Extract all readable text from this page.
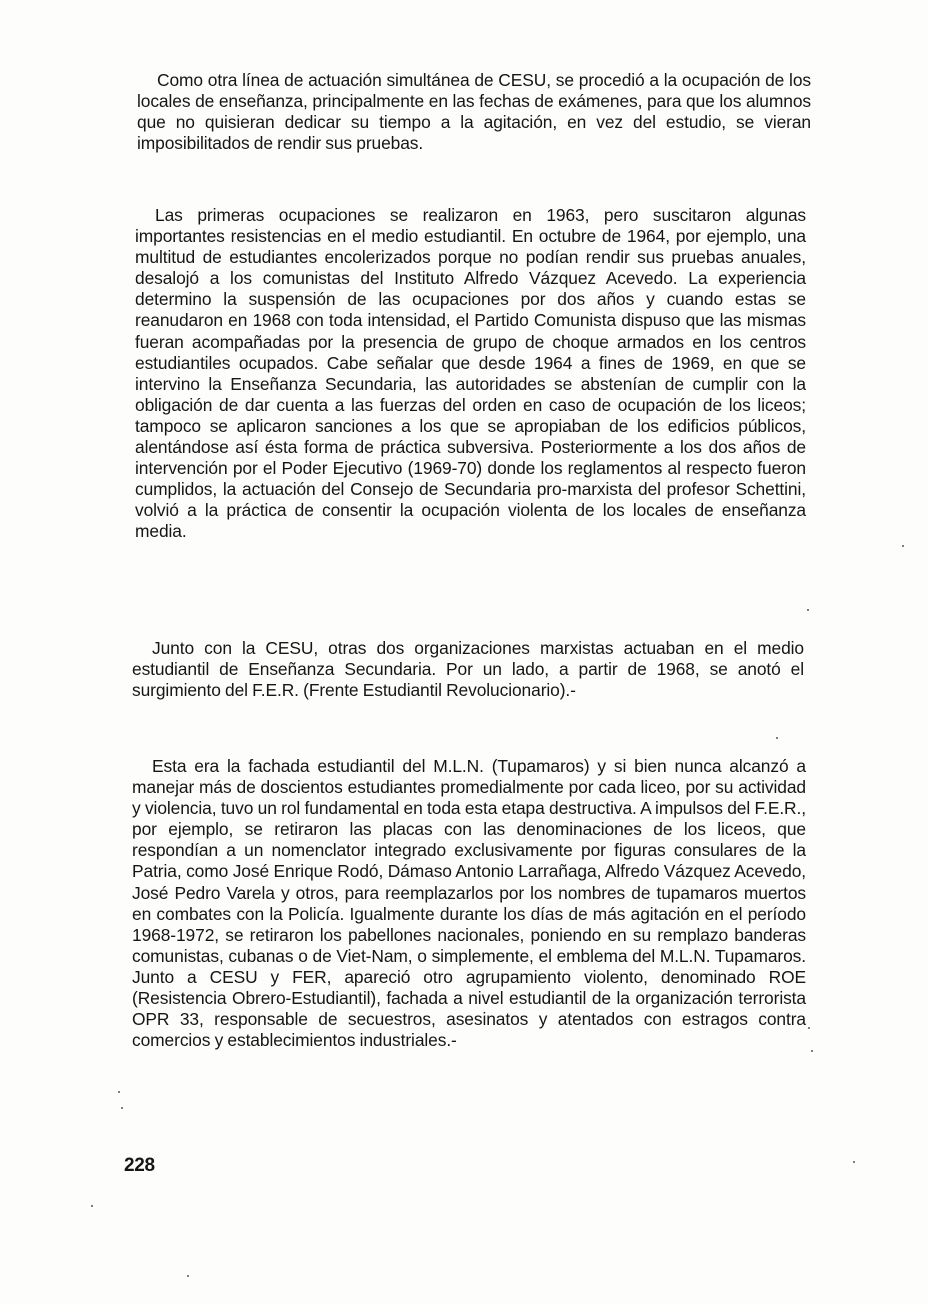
Como otra línea de actuación simultánea de CESU, se procedió a la ocupación de los locales de enseñanza, principalmente en las fechas de exámenes, para que los alumnos que no quisieran dedicar su tiempo a la agitación, en vez del estudio, se vieran imposibilitados de rendir sus pruebas.

Las primeras ocupaciones se realizaron en 1963, pero suscitaron algunas importantes resistencias en el medio estudiantil. En octubre de 1964, por ejemplo, una multitud de estudiantes encolerizados porque no podían rendir sus pruebas anuales, desalojó a los comunistas del Instituto Alfredo Vázquez Acevedo. La experiencia determino la suspensión de las ocupaciones por dos años y cuando estas se reanudaron en 1968 con toda intensidad, el Partido Comunista dispuso que las mismas fueran acompañadas por la presencia de grupo de choque armados en los centros estudiantiles ocupados. Cabe señalar que desde 1964 a fines de 1969, en que se intervino la Enseñanza Secundaria, las autoridades se abstenían de cumplir con la obligación de dar cuenta a las fuerzas del orden en caso de ocupación de los liceos; tampoco se aplicaron sanciones a los que se apropiaban de los edificios públicos, alentándose así ésta forma de práctica subversiva. Posteriormente a los dos años de intervención por el Poder Ejecutivo (1969-70) donde los reglamentos al respecto fueron cumplidos, la actuación del Consejo de Secundaria pro-marxista del profesor Schettini, volvió a la práctica de consentir la ocupación violenta de los locales de enseñanza media.

Junto con la CESU, otras dos organizaciones marxistas actuaban en el medio estudiantil de Enseñanza Secundaria. Por un lado, a partir de 1968, se anotó el surgimiento del F.E.R. (Frente Estudiantil Revolucionario).-

Esta era la fachada estudiantil del M.L.N. (Tupamaros) y si bien nunca alcanzó a manejar más de doscientos estudiantes promedialmente por cada liceo, por su actividad y violencia, tuvo un rol fundamental en toda esta etapa destructiva. A impulsos del F.E.R., por ejemplo, se retiraron las placas con las denominaciones de los liceos, que respondían a un nomenclator integrado exclusivamente por figuras consulares de la Patria, como José Enrique Rodó, Dámaso Antonio Larrañaga, Alfredo Vázquez Acevedo, José Pedro Varela y otros, para reemplazarlos por los nombres de tupamaros muertos en combates con la Policía. Igualmente durante los días de más agitación en el período 1968-1972, se retiraron los pabellones nacionales, poniendo en su remplazo banderas comunistas, cubanas o de Viet-Nam, o simplemente, el emblema del M.L.N. Tupamaros. Junto a CESU y FER, apareció otro agrupamiento violento, denominado ROE (Resistencia Obrero-Estudiantil), fachada a nivel estudiantil de la organización terrorista OPR 33, responsable de secuestros, asesinatos y atentados con estragos contra comercios y establecimientos industriales.-

228
